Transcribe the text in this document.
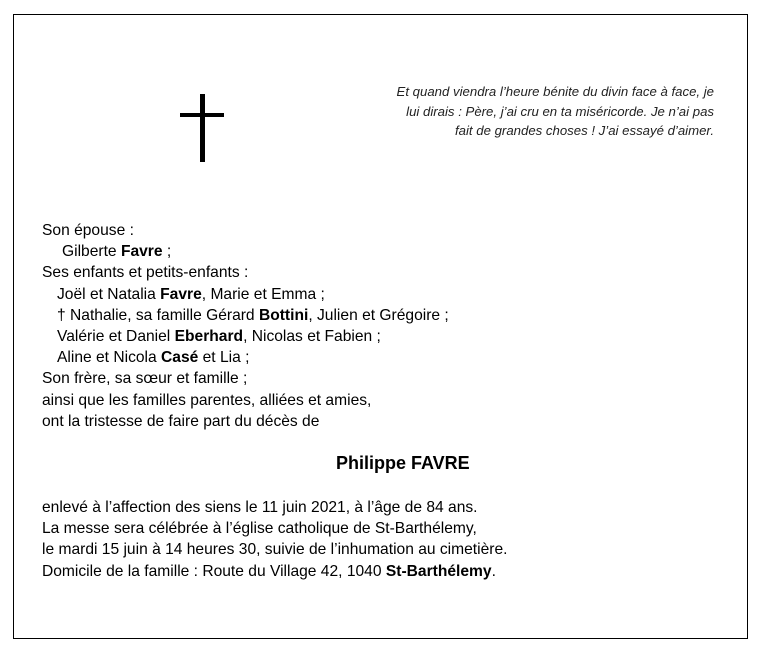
Et quand viendra l’heure bénite du divin face à face, je
lui dirais : Père, j’ai cru en ta miséricorde. Je n’ai pas
fait de grandes choses ! J’ai essayé d’aimer.
Son épouse :
Gilberte Favre ;
Ses enfants et petits-enfants :
Joël et Natalia Favre, Marie et Emma ;
† Nathalie, sa famille Gérard Bottini, Julien et Grégoire ;
Valérie et Daniel Eberhard, Nicolas et Fabien ;
Aline et Nicola Casé et Lia ;
Son frère, sa sœur et famille ;
ainsi que les familles parentes, alliées et amies,
ont la tristesse de faire part du décès de
Philippe FAVRE
enlevé à l’affection des siens le 11 juin 2021, à l’âge de 84 ans.
La messe sera célébrée à l’église catholique de St-Barthélemy,
le mardi 15 juin à 14 heures 30, suivie de l’inhumation au cimetière.
Domicile de la famille : Route du Village 42, 1040 St-Barthélemy.
